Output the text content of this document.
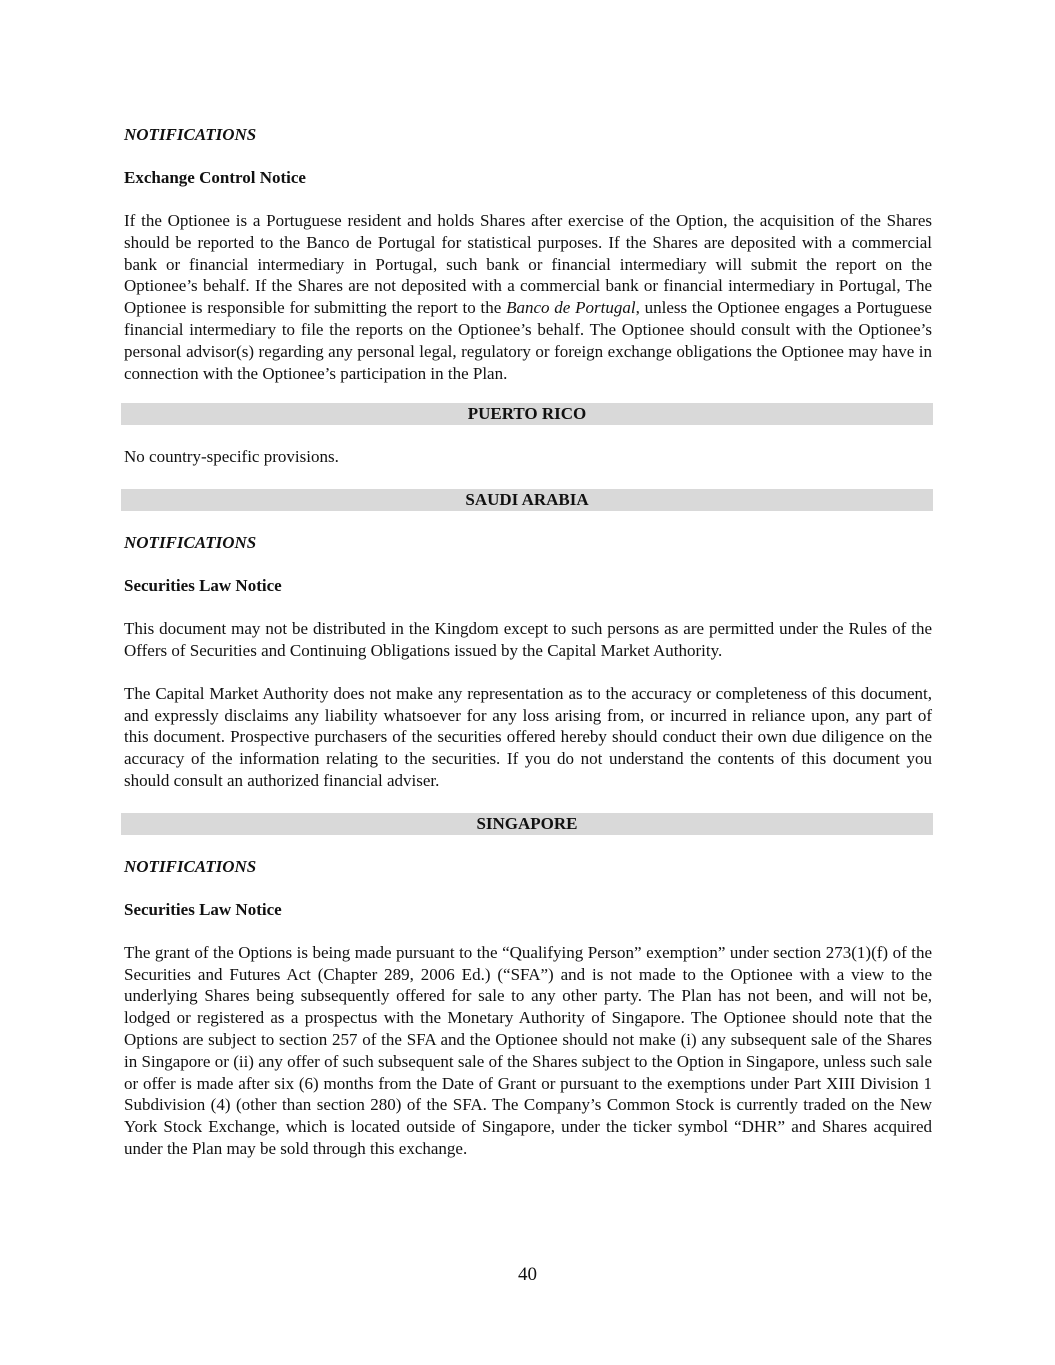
NOTIFICATIONS

Exchange Control Notice

If the Optionee is a Portuguese resident and holds Shares after exercise of the Option, the acquisition of the Shares should be reported to the Banco de Portugal for statistical purposes. If the Shares are deposited with a commercial bank or financial intermediary in Portugal, such bank or financial intermediary will submit the report on the Optionee’s behalf. If the Shares are not deposited with a commercial bank or financial intermediary in Portugal, The Optionee is responsible for submitting the report to the Banco de Portugal, unless the Optionee engages a Portuguese financial intermediary to file the reports on the Optionee’s behalf. The Optionee should consult with the Optionee’s personal advisor(s) regarding any personal legal, regulatory or foreign exchange obligations the Optionee may have in connection with the Optionee’s participation in the Plan.

PUERTO RICO

No country-specific provisions.

SAUDI ARABIA

NOTIFICATIONS

Securities Law Notice

This document may not be distributed in the Kingdom except to such persons as are permitted under the Rules of the Offers of Securities and Continuing Obligations issued by the Capital Market Authority.

The Capital Market Authority does not make any representation as to the accuracy or completeness of this document, and expressly disclaims any liability whatsoever for any loss arising from, or incurred in reliance upon, any part of this document. Prospective purchasers of the securities offered hereby should conduct their own due diligence on the accuracy of the information relating to the securities. If you do not understand the contents of this document you should consult an authorized financial adviser.

SINGAPORE

NOTIFICATIONS

Securities Law Notice

The grant of the Options is being made pursuant to the “Qualifying Person” exemption” under section 273(1)(f) of the Securities and Futures Act (Chapter 289, 2006 Ed.) (“SFA”) and is not made to the Optionee with a view to the underlying Shares being subsequently offered for sale to any other party. The Plan has not been, and will not be, lodged or registered as a prospectus with the Monetary Authority of Singapore. The Optionee should note that the Options are subject to section 257 of the SFA and the Optionee should not make (i) any subsequent sale of the Shares in Singapore or (ii) any offer of such subsequent sale of the Shares subject to the Option in Singapore, unless such sale or offer is made after six (6) months from the Date of Grant or pursuant to the exemptions under Part XIII Division 1 Subdivision (4) (other than section 280) of the SFA. The Company’s Common Stock is currently traded on the New York Stock Exchange, which is located outside of Singapore, under the ticker symbol “DHR” and Shares acquired under the Plan may be sold through this exchange.

40
